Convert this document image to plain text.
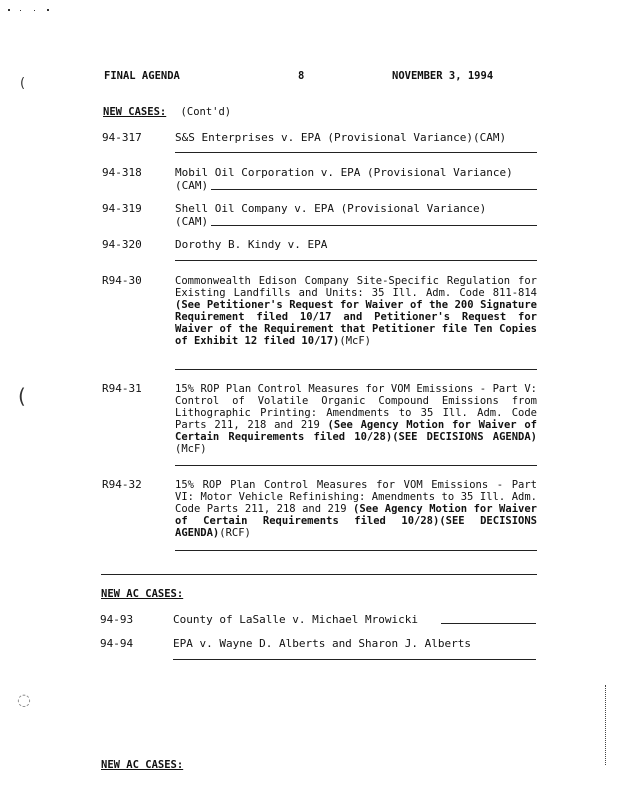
(
(
◌
FINAL AGENDA	8	NOVEMBER 3, 1994
NEW CASES: (Cont'd)
94-317	S&S Enterprises v. EPA (Provisional Variance)(CAM)
94-318	Mobil Oil Corporation v. EPA (Provisional Variance)
(CAM)
94-319	Shell Oil Company v. EPA (Provisional Variance)
(CAM)
94-320	Dorothy B. Kindy v. EPA
R94-30	Commonwealth Edison Company Site-Specific Regulation for Existing Landfills and Units: 35 Ill. Adm. Code 811-814 (See Petitioner's Request for Waiver of the 200 Signature Requirement filed 10/17 and Petitioner's Request for Waiver of the Requirement that Petitioner file Ten Copies of Exhibit 12 filed 10/17)(McF)
R94-31	15% ROP Plan Control Measures for VOM Emissions - Part V: Control of Volatile Organic Compound Emissions from Lithographic Printing: Amendments to 35 Ill. Adm. Code Parts 211, 218 and 219 (See Agency Motion for Waiver of Certain Requirements filed 10/28)(SEE DECISIONS AGENDA)(McF)
R94-32	15% ROP Plan Control Measures for VOM Emissions - Part VI: Motor Vehicle Refinishing: Amendments to 35 Ill. Adm. Code Parts 211, 218 and 219 (See Agency Motion for Waiver of Certain Requirements filed 10/28)(SEE DECISIONS AGENDA)(RCF)
NEW AC CASES:
94-93	County of LaSalle v. Michael Mrowicki
94-94	EPA v. Wayne D. Alberts and Sharon J. Alberts
NEW AC CASES:
